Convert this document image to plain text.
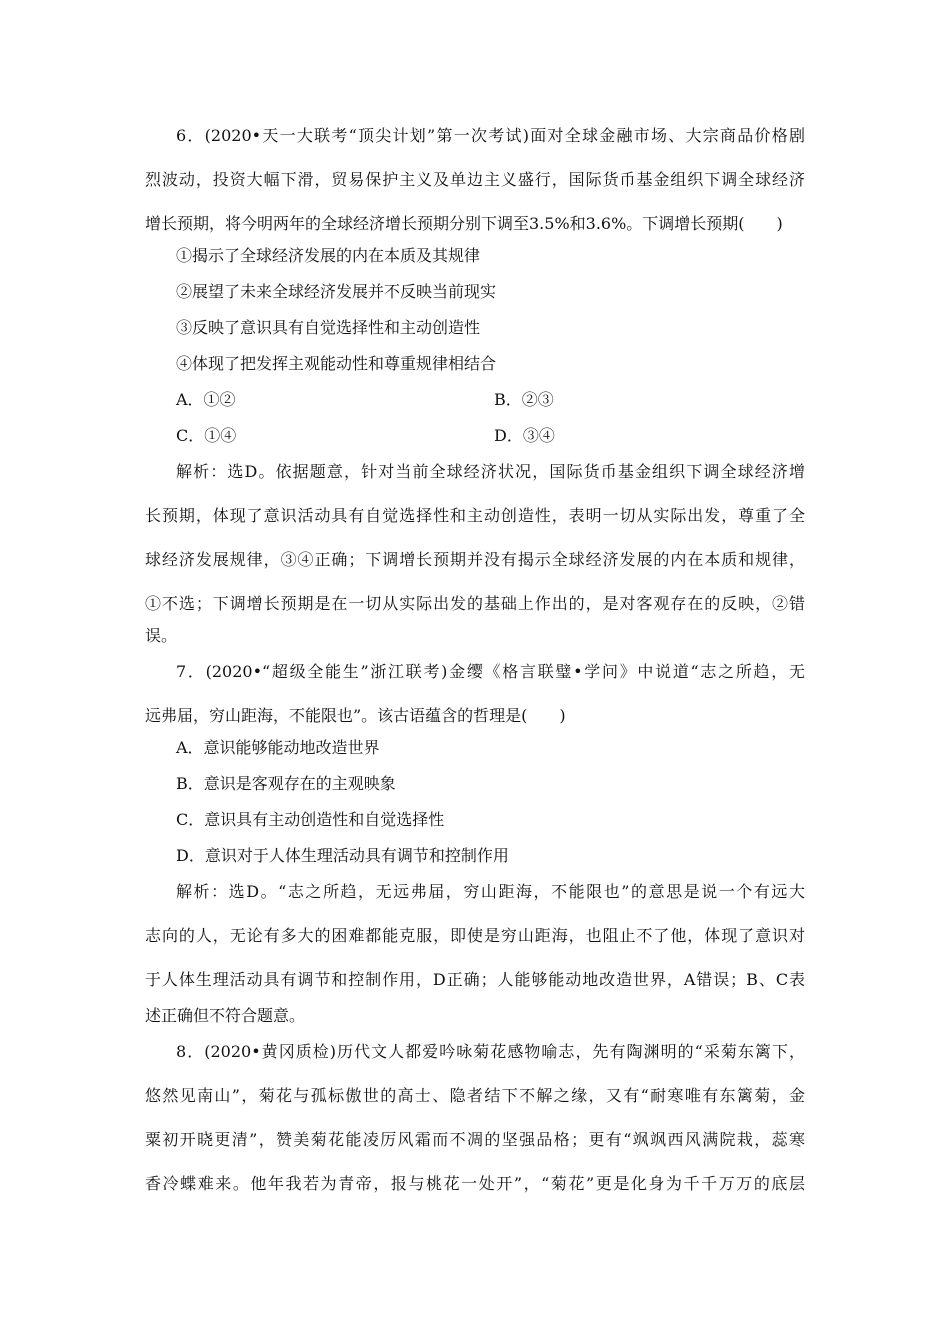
6．(2020•天一大联考“顶尖计划”第一次考试)面对全球金融市场、大宗商品价格剧
烈波动，投资大幅下滑，贸易保护主义及单边主义盛行，国际货币基金组织下调全球经济
增长预期，将今明两年的全球经济增长预期分别下调至3.5%和3.6%。下调增长预期(　　)
①揭示了全球经济发展的内在本质及其规律
②展望了未来全球经济发展并不反映当前现实
③反映了意识具有自觉选择性和主动创造性
④体现了把发挥主观能动性和尊重规律相结合
A．①②	B．②③
C．①④	D．③④
解析：选D。依据题意，针对当前全球经济状况，国际货币基金组织下调全球经济增
长预期，体现了意识活动具有自觉选择性和主动创造性，表明一切从实际出发，尊重了全
球经济发展规律，③④正确；下调增长预期并没有揭示全球经济发展的内在本质和规律，
①不选；下调增长预期是在一切从实际出发的基础上作出的，是对客观存在的反映，②错
误。
7．(2020•“超级全能生”浙江联考)金缨《格言联璧•学问》中说道“志之所趋，无
远弗届，穷山距海，不能限也”。该古语蕴含的哲理是(　　)
A．意识能够能动地改造世界
B．意识是客观存在的主观映象
C．意识具有主动创造性和自觉选择性
D．意识对于人体生理活动具有调节和控制作用
解析：选D。“志之所趋，无远弗届，穷山距海，不能限也”的意思是说一个有远大
志向的人，无论有多大的困难都能克服，即使是穷山距海，也阻止不了他，体现了意识对
于人体生理活动具有调节和控制作用，D正确；人能够能动地改造世界，A错误；B、C表
述正确但不符合题意。
8．(2020•黄冈质检)历代文人都爱吟咏菊花感物喻志，先有陶渊明的“采菊东篱下，
悠然见南山”，菊花与孤标傲世的高士、隐者结下不解之缘，又有“耐寒唯有东篱菊，金
粟初开晓更清”，赞美菊花能凌厉风霜而不凋的坚强品格；更有“飒飒西风满院栽，蕊寒
香冷蝶难来。他年我若为青帝，报与桃花一处开”，“菊花”更是化身为千千万万的底层
